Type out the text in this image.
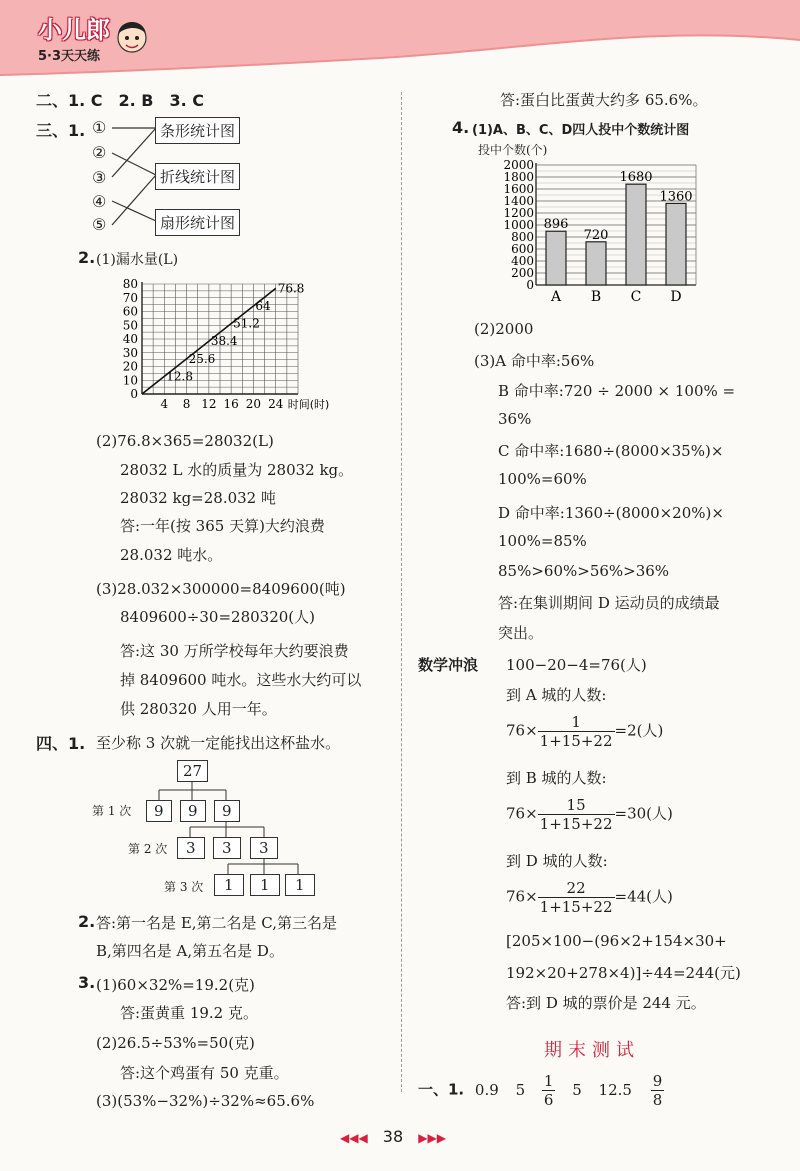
小儿郎
5·3天天练
二、1. C　2. B　3. C
三、1. ①
②
③
④
⑤
条形统计图
折线统计图
扇形统计图
2. (1)漏水量(L)
0
10
20
30
40
50
60
70
80
4 8 12 16 20 24 时间(时)
12.8
25.6
38.4
51.2
64
76.8
(2)76.8×365=28032(L)
28032 L 水的质量为 28032 kg。
28032 kg=28.032 吨
答:一年(按 365 天算)大约浪费
28.032 吨水。
(3)28.032×300000=8409600(吨)
8409600÷30=280320(人)
答:这 30 万所学校每年大约要浪费
掉 8409600 吨水。这些水大约可以
供 280320 人用一年。
四、1. 至少称 3 次就一定能找出这杯盐水。
27
第 1 次	9	9	9
第 2 次	3	3	3
第 3 次	1	1	1
2. 答:第一名是 E,第二名是 C,第三名是
B,第四名是 A,第五名是 D。
3. (1)60×32%=19.2(克)
答:蛋黄重 19.2 克。
(2)26.5÷53%=50(克)
答:这个鸡蛋有 50 克重。
(3)(53%−32%)÷32%≈65.6%
答:蛋白比蛋黄大约多 65.6%。
4. (1)A、B、C、D四人投中个数统计图
投中个数(个)
0
200
400
600
800
1000
1200
1400
1600
1800
2000
896
A
720
B
1680
C
1360
D
(2)2000
(3)A 命中率:56%
B 命中率:720 ÷ 2000 × 100% =
36%
C 命中率:1680÷(8000×35%)×
100%=60%
D 命中率:1360÷(8000×20%)×
100%=85%
85%>60%>56%>36%
答:在集训期间 D 运动员的成绩最
突出。
数学冲浪 100−20−4=76(人)
到 A 城的人数:
$76\times \frac{1}{1+15+22} =2$(人)
到 B 城的人数:
$76\times \frac{15}{1+15+22} =30$(人)
到 D 城的人数:
$76\times \frac{22}{1+15+22} =44$(人)
[205×100−(96×2+154×30+
192×20+278×4)]÷44=244(元)
答:到 D 城的票价是 244 元。
期末测试
一、1. 0.9 $5 \frac{1}{6} 5$ $12.5 \frac{9}{8}$
◀◀◀ 38 ▶▶▶
